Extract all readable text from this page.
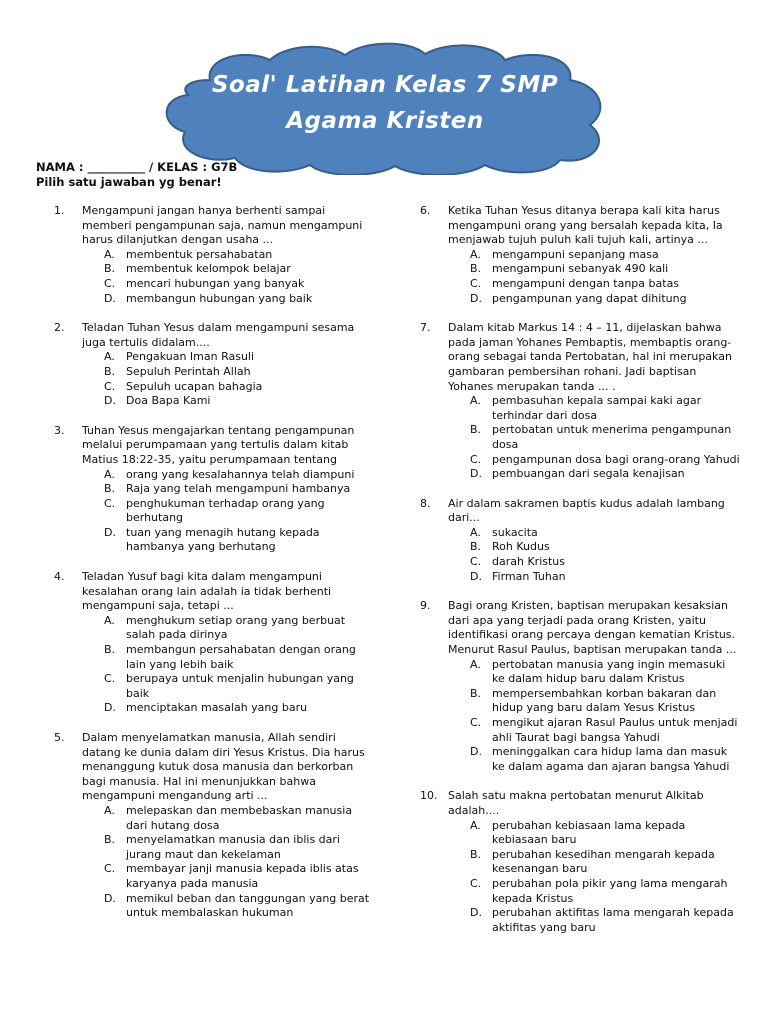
Soal' Latihan Kelas 7 SMP
Agama Kristen
NAMA : __________ / KELAS : G7B
Pilih satu jawaban yg benar!
1. Mengampuni jangan hanya berhenti sampai memberi pengampunan saja, namun mengampuni harus dilanjutkan dengan usaha ...
A. membentuk persahabatan
B. membentuk kelompok belajar
C. mencari hubungan yang banyak
D. membangun hubungan yang baik
2. Teladan Tuhan Yesus dalam mengampuni sesama juga tertulis didalam....
A. Pengakuan Iman Rasuli
B. Sepuluh Perintah Allah
C. Sepuluh ucapan bahagia
D. Doa Bapa Kami
3. Tuhan Yesus mengajarkan tentang pengampunan melalui perumpamaan yang tertulis dalam kitab Matius 18:22-35, yaitu perumpamaan tentang
A. orang yang kesalahannya telah diampuni
B. Raja yang telah mengampuni hambanya
C. penghukuman terhadap orang yang berhutang
D. tuan yang menagih hutang kepada hambanya yang berhutang
4. Teladan Yusuf bagi kita dalam mengampuni kesalahan orang lain adalah ia tidak berhenti mengampuni saja, tetapi ...
A. menghukum setiap orang yang berbuat salah pada dirinya
B. membangun persahabatan dengan orang lain yang lebih baik
C. berupaya untuk menjalin hubungan yang baik
D. menciptakan masalah yang baru
5. Dalam menyelamatkan manusia, Allah sendiri datang ke dunia dalam diri Yesus Kristus. Dia harus menanggung kutuk dosa manusia dan berkorban bagi manusia. Hal ini menunjukkan bahwa mengampuni mengandung arti ...
A. melepaskan dan membebaskan manusia dari hutang dosa
B. menyelamatkan manusia dan iblis dari jurang maut dan kekelaman
C. membayar janji manusia kepada iblis atas karyanya pada manusia
D. memikul beban dan tanggungan yang berat untuk membalaskan hukuman
6. Ketika Tuhan Yesus ditanya berapa kali kita harus mengampuni orang yang bersalah kepada kita, Ia menjawab tujuh puluh kali tujuh kali, artinya ...
A. mengampuni sepanjang masa
B. mengampuni sebanyak 490 kali
C. mengampuni dengan tanpa batas
D. pengampunan yang dapat dihitung
7. Dalam kitab Markus 14 : 4 – 11, dijelaskan bahwa pada jaman Yohanes Pembaptis, membaptis orang-orang sebagai tanda Pertobatan, hal ini merupakan gambaran pembersihan rohani. Jadi baptisan Yohanes merupakan tanda ... .
A. pembasuhan kepala sampai kaki agar terhindar dari dosa
B. pertobatan untuk menerima pengampunan dosa
C. pengampunan dosa bagi orang-orang Yahudi
D. pembuangan dari segala kenajisan
8. Air dalam sakramen baptis kudus adalah lambang dari...
A. sukacita
B. Roh Kudus
C. darah Kristus
D. Firman Tuhan
9. Bagi orang Kristen, baptisan merupakan kesaksian dari apa yang terjadi pada orang Kristen, yaitu identifikasi orang percaya dengan kematian Kristus. Menurut Rasul Paulus, baptisan merupakan tanda ...
A. pertobatan manusia yang ingin memasuki ke dalam hidup baru dalam Kristus
B. mempersembahkan korban bakaran dan hidup yang baru dalam Yesus Kristus
C. mengikut ajaran Rasul Paulus untuk menjadi ahli Taurat bagi bangsa Yahudi
D. meninggalkan cara hidup lama dan masuk ke dalam agama dan ajaran bangsa Yahudi
10. Salah satu makna pertobatan menurut Alkitab adalah....
A. perubahan kebiasaan lama kepada kebiasaan baru
B. perubahan kesedihan mengarah kepada kesenangan baru
C. perubahan pola pikir yang lama mengarah kepada Kristus
D. perubahan aktifitas lama mengarah kepada aktifitas yang baru
